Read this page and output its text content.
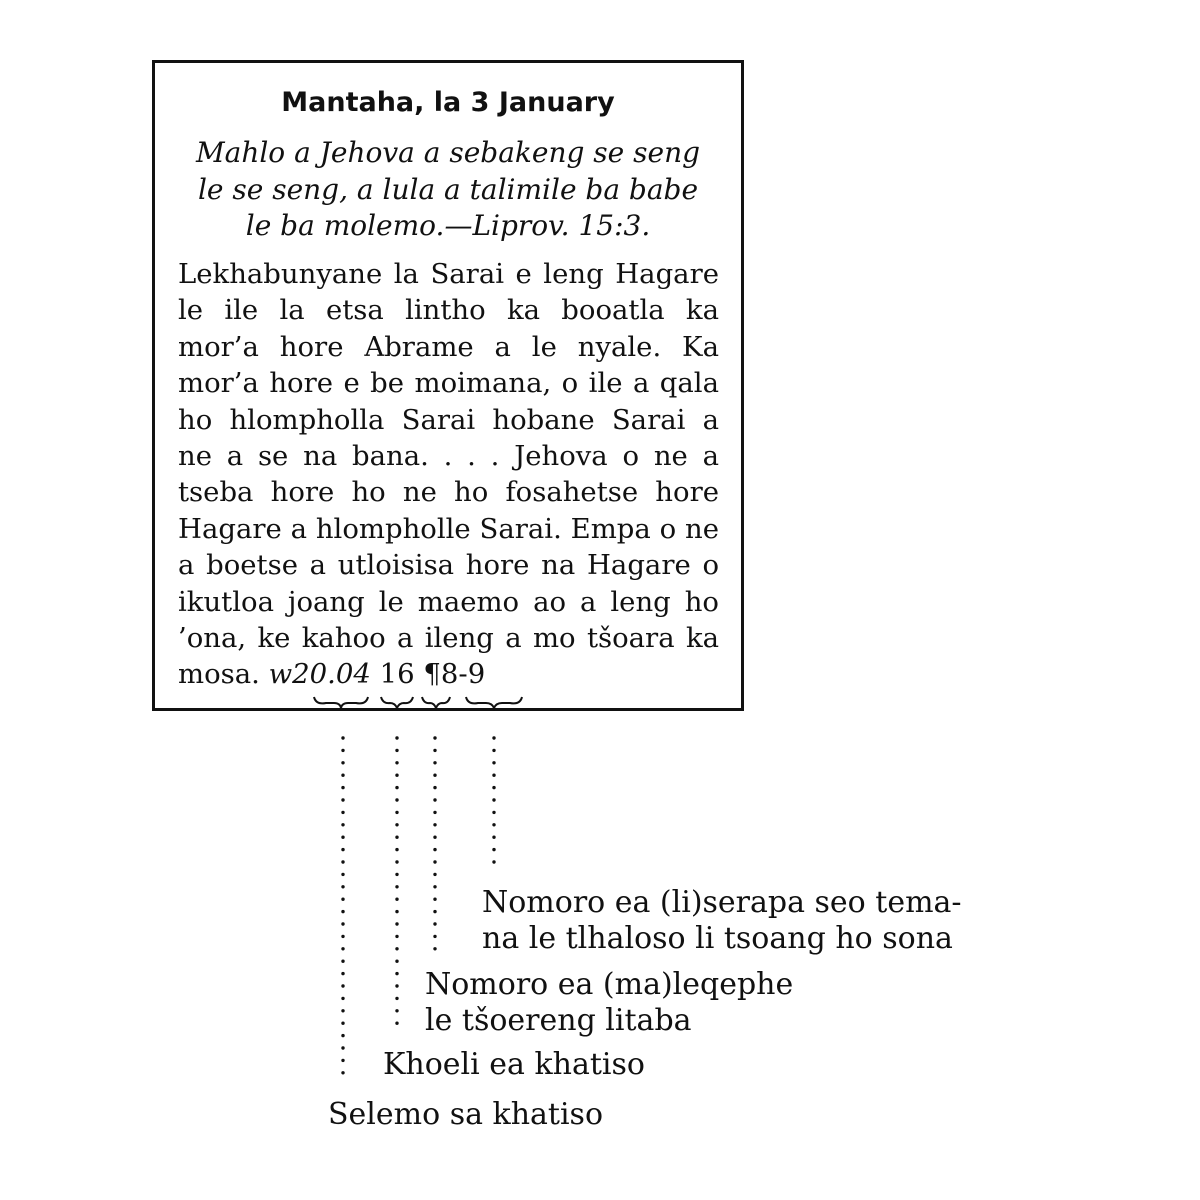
Mantaha, la 3 January
Mahlo a Jehova a sebakeng se seng
le se seng, a lula a talimile ba babe
le ba molemo.—Liprov. 15:3.
Lekhabunyane la Sarai e leng Hagare le ile la etsa lintho ka booatla ka mor’a hore Abrame a le nyale. Ka mor’a hore e be moimana, o ile a qala ho hlompholla Sarai hobane Sarai a ne a se na bana. . . . Jehova o ne a tseba hore ho ne ho fosahetse hore Hagare a hlompholle Sarai. Empa o ne a boetse a utloisisa hore na Hagare o ikutloa joang le maemo ao a leng ho ’ona, ke kahoo a ileng a mo tšoara ka mosa. w20.04 16 ¶8-9
Nomoro ea (li)serapa seo tema-
na le tlhaloso li tsoang ho sona
Nomoro ea (ma)leqephe
le tšoereng litaba
Khoeli ea khatiso
Selemo sa khatiso
